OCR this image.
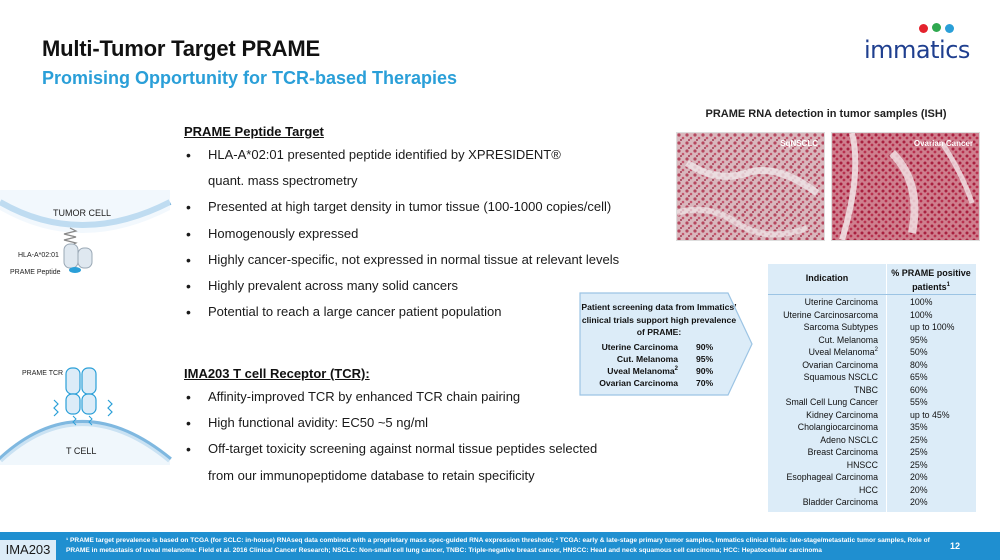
Multi-Tumor Target PRAME
Promising Opportunity for TCR-based Therapies
immatics
TUMOR CELL
HLA-A*02:01
PRAME Peptide
PRAME TCR
T CELL
PRAME Peptide Target
• HLA-A*02:01 presented peptide identified by XPRESIDENT®
quant. mass spectrometry
• Presented at high target density in tumor tissue (100-1000 copies/cell)
• Homogenously expressed
• Highly cancer-specific, not expressed in normal tissue at relevant levels
• Highly prevalent across many solid cancers
• Potential to reach a large cancer patient population
IMA203 T cell Receptor (TCR):
• Affinity-improved TCR by enhanced TCR chain pairing
• High functional avidity: EC50 ~5 ng/ml
• Off-target toxicity screening against normal tissue peptides selected
from our immunopeptidome database to retain specificity
PRAME RNA detection in tumor samples (ISH)
SqNSCLC	Ovarian Cancer
Patient screening data from Immatics’ clinical trials support high prevalence of PRAME:
Uterine Carcinoma 90%
Cut. Melanoma 95%
Uveal Melanoma$^2$ 90%
Ovarian Carcinoma 70%
Indication	% PRAME positive patients$^1$
Uterine Carcinoma	100%
Uterine Carcinosarcoma	100%
Sarcoma Subtypes	up to 100%
Cut. Melanoma	95%
Uveal Melanoma$^2$	50%
Ovarian Carcinoma	80%
Squamous NSCLC	65%
TNBC	60%
Small Cell Lung Cancer	55%
Kidney Carcinoma	up to 45%
Cholangiocarcinoma	35%
Adeno NSCLC	25%
Breast Carcinoma	25%
HNSCC	25%
Esophageal Carcinoma	20%
HCC	20%
Bladder Carcinoma	20%
IMA203
¹ PRAME target prevalence is based on TCGA (for SCLC: in-house) RNAseq data combined with a proprietary mass spec-guided RNA expression threshold; ² TCGA: early & late-stage primary tumor samples, Immatics clinical trials: late-stage/metastatic tumor samples, Role of PRAME in metastasis of uveal melanoma: Field et al. 2016 Clinical Cancer Research; NSCLC: Non-small cell lung cancer, TNBC: Triple-negative breast cancer, HNSCC: Head and neck squamous cell carcinoma; HCC: Hepatocellular carcinoma	12
